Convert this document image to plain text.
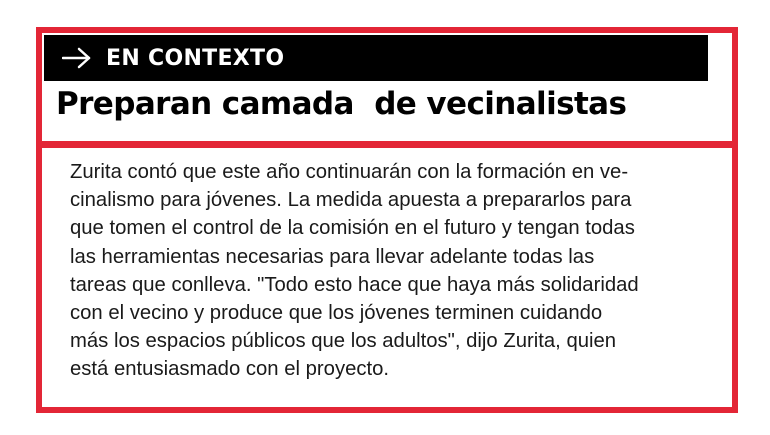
EN CONTEXTO
Preparan camada  de vecinalistas

Zurita contó que este año continuarán con la formación en ve-
cinalismo para jóvenes. La medida apuesta a prepararlos para
que tomen el control de la comisión en el futuro y tengan todas
las herramientas necesarias para llevar adelante todas las
tareas que conlleva. "Todo esto hace que haya más solidaridad
con el vecino y produce que los jóvenes terminen cuidando
más los espacios públicos que los adultos", dijo Zurita, quien
está entusiasmado con el proyecto.
